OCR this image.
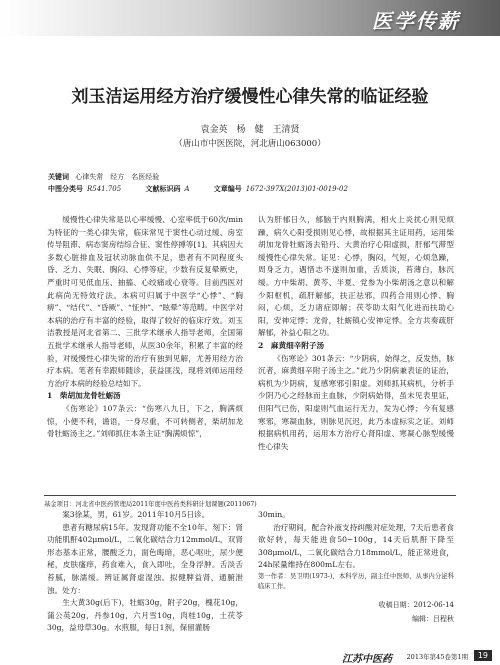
医学传薪
刘玉洁运用经方治疗缓慢性心律失常的临证经验
袁金英　杨　健　王清贤
（唐山市中医医院，河北唐山063000）
关键词 心律失常　经方　名医经验
中图分类号 R541.705	文献标识码 A	文章编号 1672-397X(2013)01-0019-02

缓慢性心律失常是以心率缓慢、心室率低于60次/min为特征的一类心律失常，临床常见于窦性心动过缓、房室传导阻滞、病态窦房结综合征、窦性停搏等[1]。其病因大多数心脏排血及冠状动脉血供不足，患者有不同程度头昏、乏力、失眠、胸闷、心悸等症，少数有反复晕厥史，严重时可见低血压、抽搐、心绞痛或心衰等。目前西医对此病尚无特效疗法。本病可归属于中医学“心悸”、“胸痹”、“结代”、“昏厥”、“怔忡”、“眩晕”等范畴。中医学对本病的治疗有丰富的经验，取得了较好的临床疗效。刘玉洁教授是河北省第二、三批学术继承人指导老师，全国第五批学术继承人指导老师，从医30余年，积累了丰富的经验，对缓慢性心律失常的治疗有独到见解，尤善用经方治疗本病。笔者有幸跟师随诊，获益匪浅，现将刘师运用经方治疗本病的经验总结如下。

1　柴胡加龙骨牡蛎汤

《伤寒论》107条云：“伤寒八九日，下之，胸满烦惊，小便不利，谵语，一身尽重，不可转侧者，柴胡加龙骨牡蛎汤主之。”刘师抓住本条主证“胸满烦惊”，

认为肝郁日久，郁脑于内则胸满，相火上炎扰心则见烦躁，病久心阳受损则见心悸，故根据其主证用药，运用柴胡加龙骨牡蛎汤去铅丹、大黄治疗心阳虚损，肝郁气滞型缓慢性心律失常。证见：心悸，胸闷，气短，心烦急躁，周身乏力，遇惜志不遂则加重，舌质淡，苔薄白，脉沉缓。方中柴胡、黄芩、半夏、党参为小柴胡汤之意以和解少阳枢机，疏肝解郁，扶正祛邪，四药合用则心悸、胸闷，心烦，乏力诸症即解；茯苓助太阳气化进而扶助心阳，安神定悸；龙骨，牡蛎镇心安神定悸。全方共奏疏肝解郁，补益心阳之功。

2　麻黄细辛附子汤

《伤寒论》301条云：“少阴病，始得之，反发热，脉沉者，麻黄细辛附子汤主之。”此乃少阴病兼表证的证治，病机为少阴病，复感寒邪引阳虚。刘师抓其病机，分析手少阴乃心之经脉而主血脉，少阴病始得，虽未见表里证，但阳气已伤，阳虚则气血运行无力，发为心悸；今有复感寒邪，寒凝血脉，则脉见沉迟，此乃本虚标实之证。刘师根据病机用药，运用本方治疗心肾阳虚、寒凝心脉型缓慢性心律失

基金项目：河北省中医药管理局2011年度中医药类科研计划课题(2011067)

案3徐某，男，61岁。2011年10月5日诊。

患者有糖尿病15年。发现肾功能不全10年。刻下：肾功能肌酐402μmol/L，二氧化碳结合力12mmol/L，双肾形态基本正常，腰酸乏力，面色晦暗，恶心呕吐，尿少便秘，皮肤瘙痒，药食难入，食入即吐，全身浮肿。舌淡舌苔腻，脉濡缓。辨证属肾虚湿浊。拟健脾益肾，通腑泄浊。处方：

生大黄30g(后下)，牡蛎30g，附子20g，槐花10g，蒲公英20g，丹参10g，六月雪10g，肉桂10g，土茯苓30g，益母草30g。水煎服，每日1剂，保留灌肠

30min。

治疗期间，配合补液支持纠酸对症处理，7天后患者食欲好转，每天能进食50~100g，14天后肌酐下降至308μmol/L，二氧化碳结合力18mmol/L，能正常进食，24h尿量维持在800mL左右。

第一作者：吴卫明(1973-)，本科学历，副主任中医师，从事内分泌科临床工作。

收稿日期：2012-06-14
编辑：吕程秋
江苏中医药 2013年第45卷第1期	19
